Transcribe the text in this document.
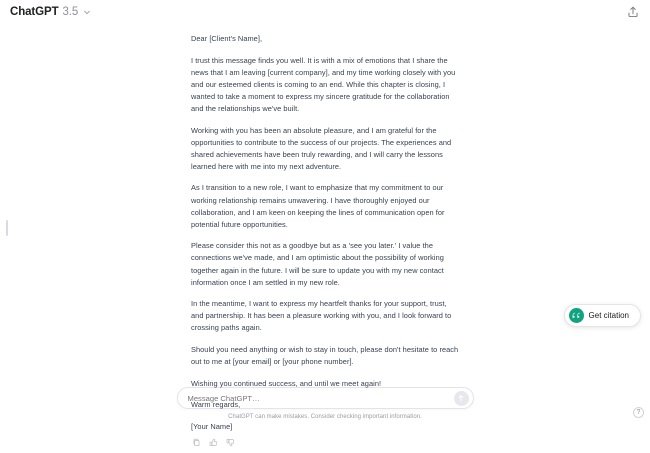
ChatGPT 3.5

Dear [Client's Name],

I trust this message finds you well. It is with a mix of emotions that I share the news that I am leaving [current company], and my time working closely with you and our esteemed clients is coming to an end. While this chapter is closing, I wanted to take a moment to express my sincere gratitude for the collaboration and the relationships we've built.

Working with you has been an absolute pleasure, and I am grateful for the opportunities to contribute to the success of our projects. The experiences and shared achievements have been truly rewarding, and I will carry the lessons learned here with me into my next adventure.

As I transition to a new role, I want to emphasize that my commitment to our working relationship remains unwavering. I have thoroughly enjoyed our collaboration, and I am keen on keeping the lines of communication open for potential future opportunities.

Please consider this not as a goodbye but as a 'see you later.' I value the connections we've made, and I am optimistic about the possibility of working together again in the future. I will be sure to update you with my new contact information once I am settled in my new role.

In the meantime, I want to express my heartfelt thanks for your support, trust, and partnership. It has been a pleasure working with you, and I look forward to crossing paths again.

Should you need anything or wish to stay in touch, please don't hesitate to reach out to me at [your email] or [your phone number].

Wishing you continued success, and until we meet again!

Warm regards,

[Your Name]

Get citation
Message ChatGPT…
ChatGPT can make mistakes. Consider checking important information.
?
